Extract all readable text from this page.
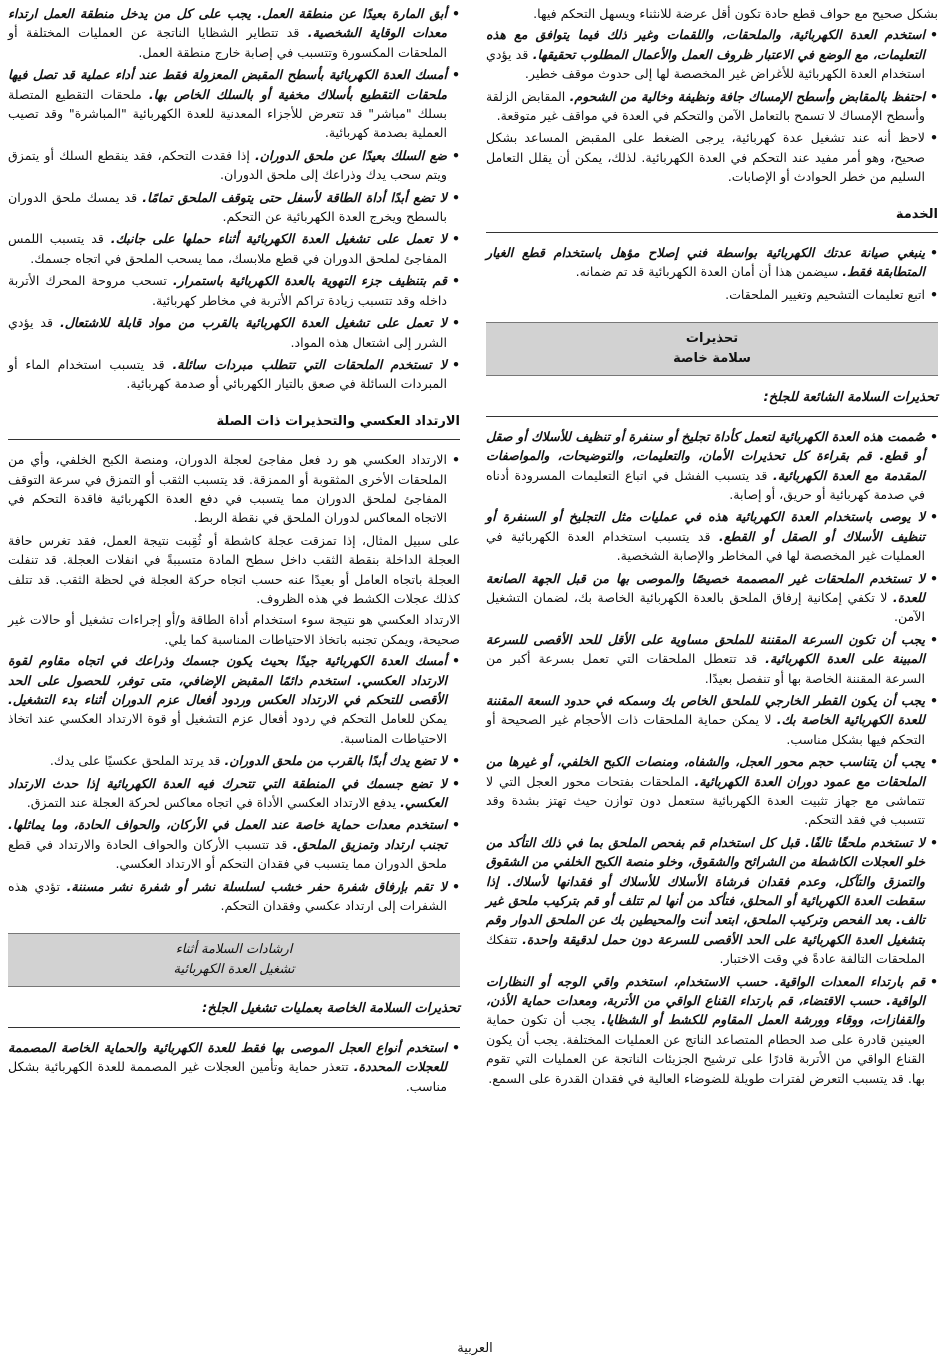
بشكل صحيح مع حواف قطع حادة تكون أقل عرضة للانثناء ويسهل التحكم فيها.

• استخدم العدة الكهربائية، والملحقات، واللقمات وغير ذلك فيما يتوافق مع هذه التعليمات، مع الوضع في الاعتبار ظروف العمل والأعمال المطلوب تحقيقها. قد يؤدي استخدام العدة الكهربائية للأغراض غير المخصصة لها إلى حدوث موقف خطير.

• احتفظ بالمقابض وأسطح الإمساك جافة ونظيفة وخالية من الشحوم. المقابض الزلقة وأسطح الإمساك لا تسمح بالتعامل الآمن والتحكم في العدة في مواقف غير متوقعة.

• لاحظ أنه عند تشغيل عدة كهربائية، يرجى الضغط على المقبض المساعد بشكل صحيح، وهو أمر مفيد عند التحكم في العدة الكهربائية. لذلك، يمكن أن يقلل التعامل السليم من خطر الحوادث أو الإصابات.

الخدمة

• ينبغي صيانة عدتك الكهربائية بواسطة فني إصلاح مؤهل باستخدام قطع الغيار المتطابقة فقط. سيضمن هذا أن أمان العدة الكهربائية قد تم ضمانه.

• اتبع تعليمات التشحيم وتغيير الملحقات.

تحذيرات
سلامة خاصة
تحذيرات السلامة الشائعة للجلخ:

• صُممت هذه العدة الكهربائية لتعمل كأداة تجليخ أو سنفرة أو تنظيف للأسلاك أو صقل أو قطع. قم بقراءة كل تحذيرات الأمان، والتعليمات، والتوضيحات، والمواصفات المقدمة مع العدة الكهربائية. قد يتسبب الفشل في اتباع التعليمات المسرودة أدناه في صدمة كهربائية أو حريق، أو إصابة.

• لا يوصى باستخدام العدة الكهربائية هذه في عمليات مثل التجليخ أو السنفرة أو تنظيف الأسلاك أو الصقل أو القطع. قد يتسبب استخدام العدة الكهربائية في العمليات غير المخصصة لها في المخاطر والإصابة الشخصية.

• لا تستخدم الملحقات غير المصممة خصيصًا والموصى بها من قبل الجهة الصانعة للعدة. لا تكفي إمكانية إرفاق الملحق بالعدة الكهربائية الخاصة بك، لضمان التشغيل الآمن.

• يجب أن تكون السرعة المقننة للملحق مساوية على الأقل للحد الأقصى للسرعة المبينة على العدة الكهربائية. قد تتعطل الملحقات التي تعمل بسرعة أكبر من السرعة المقننة الخاصة بها أو تنفصل بعيدًا.

• يجب أن يكون القطر الخارجي للملحق الخاص بك وسمكه في حدود السعة المقننة للعدة الكهربائية الخاصة بك. لا يمكن حماية الملحقات ذات الأحجام غير الصحيحة أو التحكم فيها بشكل مناسب.

• يجب أن يتناسب حجم محور العجل، والشفاه، ومنصات الكبح الخلفي، أو غيرها من الملحقات مع عمود دوران العدة الكهربائية. الملحقات بفتحات محور العجل التي لا تتماشى مع جهاز تثبيت العدة الكهربائية ستعمل دون توازن حيث تهتز بشدة وقد تتسبب في فقد التحكم.

• لا تستخدم ملحقًا تالفًا. قبل كل استخدام قم بفحص الملحق بما في ذلك التأكد من خلو العجلات الكاشطة من الشرائح والشقوق، وخلو منصة الكبح الخلفي من الشقوق والتمزق والتآكل، وعدم فقدان فرشاة الأسلاك للأسلاك أو فقدانها لأسلاك. إذا سقطت العدة الكهربائية أو المحلق، فتأكد من أنها لم تتلف أو قم بتركيب ملحق غير تالف. بعد الفحص وتركيب الملحق، ابتعد أنت والمحيطين بك عن الملحق الدوار وقم بتشغيل العدة الكهربائية على الحد الأقصى للسرعة دون حمل لدقيقة واحدة. تتفكك الملحقات التالفة عادةً في وقت الاختبار.

• قم بارتداء المعدات الواقية. حسب الاستخدام، استخدم واقي الوجه أو النظارات الواقية. حسب الاقتضاء، قم بارتداء القناع الواقي من الأتربة، ومعدات حماية الأذن، والقفازات، ووقاء وورشة العمل المقاوم للكشط أو الشظايا. يجب أن تكون حماية العينين قادرة على صد الحطام المتصاعد الناتج عن العمليات المختلفة. يجب أن يكون القناع الواقي من الأتربة قادرًا على ترشيح الجزيئات الناتجة عن العمليات التي تقوم بها. قد يتسبب التعرض لفترات طويلة للضوضاء العالية في فقدان القدرة على السمع.

• أبق المارة بعيدًا عن منطقة العمل. يجب على كل من يدخل منطقة العمل ارتداء معدات الوقاية الشخصية. قد تتطاير الشظايا الناتجة عن العمليات المختلفة أو الملحقات المكسورة وتتسبب في إصابة خارج منطقة العمل.

• أمسك العدة الكهربائية بأسطح المقبض المعزولة فقط عند أداء عملية قد تصل فيها ملحقات التقطيع بأسلاك مخفية أو بالسلك الخاص بها. ملحقات التقطيع المتصلة بسلك "مباشر" قد تتعرض للأجزاء المعدنية للعدة الكهربائية "المباشرة" وقد تصيب العملية بصدمة كهربائية.

• ضع السلك بعيدًا عن ملحق الدوران. إذا فقدت التحكم، فقد ينقطع السلك أو يتمزق ويتم سحب يدك وذراعك إلى ملحق الدوران.

• لا تضع أبدًا أداة الطاقة لأسفل حتى يتوقف الملحق تمامًا. قد يمسك ملحق الدوران بالسطح ويخرج العدة الكهربائية عن التحكم.

• لا تعمل على تشغيل العدة الكهربائية أثناء حملها على جانبك. قد يتسبب اللمس المفاجئ لملحق الدوران في قطع ملابسك، مما يسحب الملحق في اتجاه جسمك.

• قم بتنظيف جزء التهوية بالعدة الكهربائية باستمرار. تسحب مروحة المحرك الأتربة داخله وقد تتسبب زيادة تراكم الأتربة في مخاطر كهربائية.

• لا تعمل على تشغيل العدة الكهربائية بالقرب من مواد قابلة للاشتعال. قد يؤدي الشرر إلى اشتعال هذه المواد.

• لا تستخدم الملحقات التي تتطلب مبردات سائلة. قد يتسبب استخدام الماء أو المبردات السائلة في صعق بالتيار الكهربائي أو صدمة كهربائية.

الارتداد العكسي والتحذيرات ذات الصلة

• الارتداد العكسي هو رد فعل مفاجئ لعجلة الدوران، ومنصة الكبح الخلفي، وأي من الملحقات الأخرى المثقوبة أو الممزقة. قد يتسبب الثقب أو التمزق في سرعة التوقف المفاجئ لملحق الدوران مما يتسبب في دفع العدة الكهربائية فاقدة التحكم في الاتجاه المعاكس لدوران الملحق في نقطة الربط.

على سبيل المثال، إذا تمزقت عجلة كاشطة أو ثُقِبت نتيجة العمل، فقد تغرس حافة العجلة الداخلة بنقطة الثقب داخل سطح المادة متسببةً في انفلات العجلة. قد تنفلت العجلة باتجاه العامل أو بعيدًا عنه حسب اتجاه حركة العجلة في لحظة الثقب. قد تتلف كذلك عجلات الكشط في هذه الظروف.

الارتداد العكسي هو نتيجة سوء استخدام أداة الطاقة و/أو إجراءات تشغيل أو حالات غير صحيحة، ويمكن تجنبه باتخاذ الاحتياطات المناسبة كما يلي.

• أمسك العدة الكهربائية جيدًا بحيث يكون جسمك وذراعك في اتجاه مقاوم لقوة الارتداد العكسي. استخدم دائمًا المقبض الإضافي، متى توفر، للحصول على الحد الأقصى للتحكم في الارتداد العكس وردود أفعال عزم الدوران أثناء بدء التشغيل. يمكن للعامل التحكم في ردود أفعال عزم التشغيل أو قوة الارتداد العكسي عند اتخاذ الاحتياطات المناسبة.

• لا تضع يدك أبدًا بالقرب من ملحق الدوران. قد يرتد الملحق عكسيًا على يدك.

• لا تضع جسمك في المنطقة التي تتحرك فيه العدة الكهربائية إذا حدث الارتداد العكسي. يدفع الارتداد العكسي الأداة في اتجاه معاكس لحركة العجلة عند التمزق.

• استخدم معدات حماية خاصة عند العمل في الأركان، والحواف الحادة، وما يماثلها. تجنب ارتداد وتمزيق الملحق. قد تتسبب الأركان والحواف الحادة والارتداد في قطع ملحق الدوران مما يتسبب في فقدان التحكم أو الارتداد العكسي.

• لا تقم بإرفاق شفرة حفر خشب لسلسلة نشر أو شفرة نشر مسننة. تؤدي هذه الشفرات إلى ارتداد عكسي وفقدان التحكم.

ارشادات السلامة أثناء
تشغيل العدة الكهربائية
تحذيرات السلامة الخاصة بعمليات تشغيل الجلخ:

• استخدم أنواع العجل الموصى بها فقط للعدة الكهربائية والحماية الخاصة المصممة للعجلات المحددة. تتعذر حماية وتأمين العجلات غير المصممة للعدة الكهربائية بشكل مناسب.

العربية
